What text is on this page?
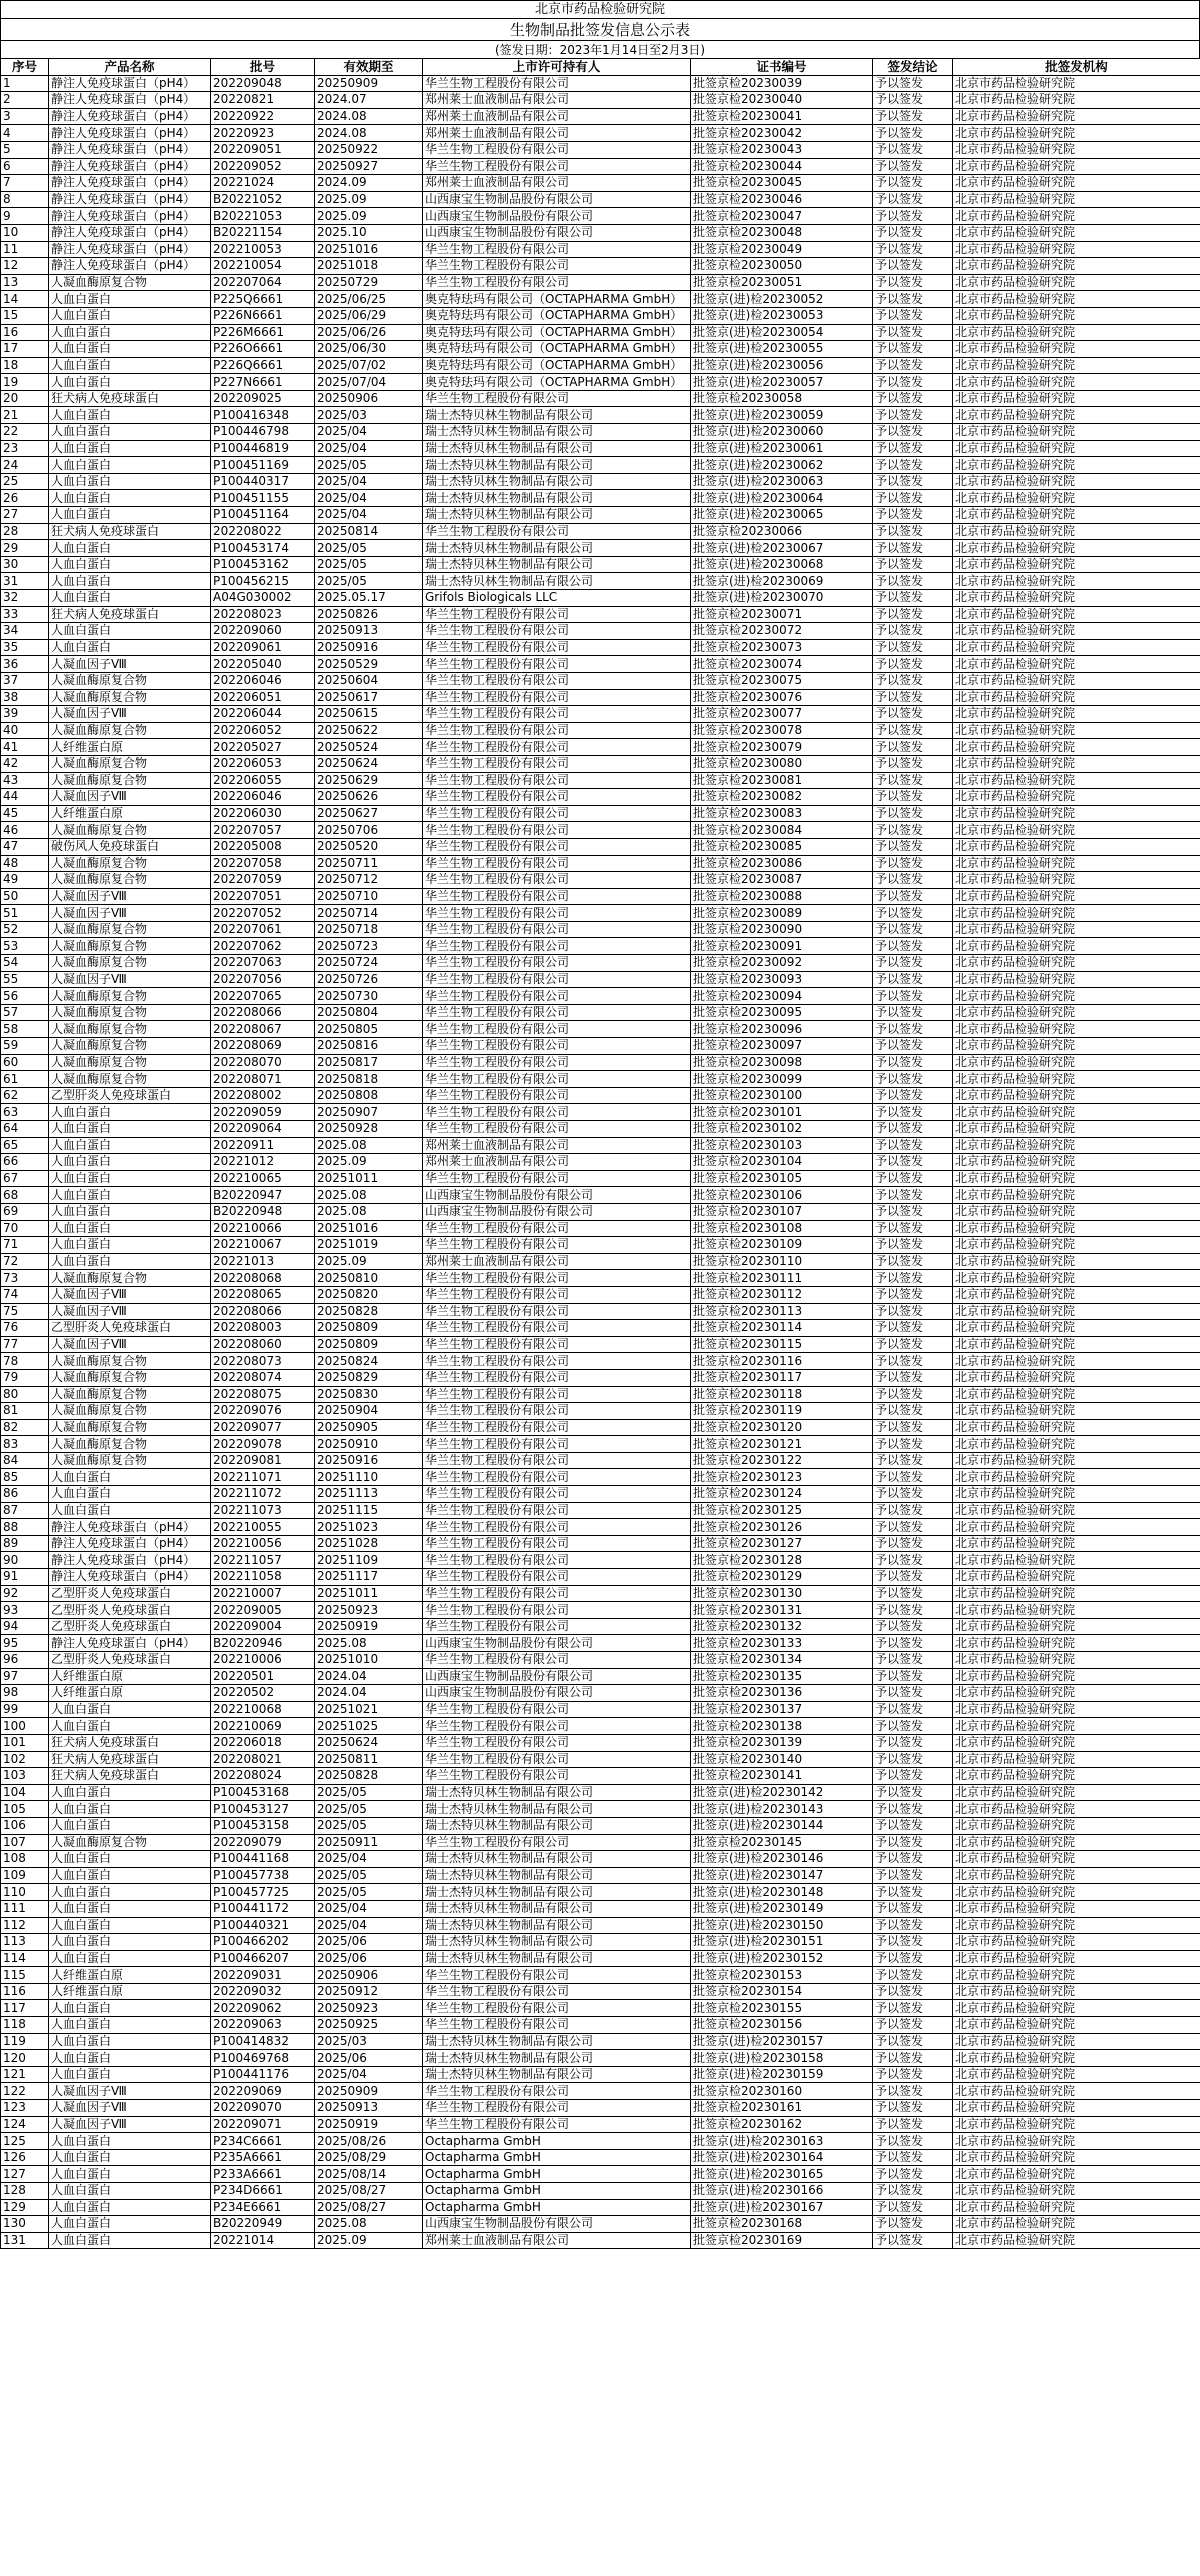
北京市药品检验研究院
生物制品批签发信息公示表
(签发日期：2023年1月14日至2月3日)
序号	产品名称	批号	有效期至	上市许可持有人	证书编号	签发结论	批签发机构
1	静注人免疫球蛋白（pH4）	202209048	20250909	华兰生物工程股份有限公司	批签京检20230039	予以签发	北京市药品检验研究院
2	静注人免疫球蛋白（pH4）	20220821	2024.07	郑州莱士血液制品有限公司	批签京检20230040	予以签发	北京市药品检验研究院
3	静注人免疫球蛋白（pH4）	20220922	2024.08	郑州莱士血液制品有限公司	批签京检20230041	予以签发	北京市药品检验研究院
4	静注人免疫球蛋白（pH4）	20220923	2024.08	郑州莱士血液制品有限公司	批签京检20230042	予以签发	北京市药品检验研究院
5	静注人免疫球蛋白（pH4）	202209051	20250922	华兰生物工程股份有限公司	批签京检20230043	予以签发	北京市药品检验研究院
6	静注人免疫球蛋白（pH4）	202209052	20250927	华兰生物工程股份有限公司	批签京检20230044	予以签发	北京市药品检验研究院
7	静注人免疫球蛋白（pH4）	20221024	2024.09	郑州莱士血液制品有限公司	批签京检20230045	予以签发	北京市药品检验研究院
8	静注人免疫球蛋白（pH4）	B20221052	2025.09	山西康宝生物制品股份有限公司	批签京检20230046	予以签发	北京市药品检验研究院
9	静注人免疫球蛋白（pH4）	B20221053	2025.09	山西康宝生物制品股份有限公司	批签京检20230047	予以签发	北京市药品检验研究院
10	静注人免疫球蛋白（pH4）	B20221154	2025.10	山西康宝生物制品股份有限公司	批签京检20230048	予以签发	北京市药品检验研究院
11	静注人免疫球蛋白（pH4）	202210053	20251016	华兰生物工程股份有限公司	批签京检20230049	予以签发	北京市药品检验研究院
12	静注人免疫球蛋白（pH4）	202210054	20251018	华兰生物工程股份有限公司	批签京检20230050	予以签发	北京市药品检验研究院
13	人凝血酶原复合物	202207064	20250729	华兰生物工程股份有限公司	批签京检20230051	予以签发	北京市药品检验研究院
14	人血白蛋白	P225Q6661	2025/06/25	奥克特珐玛有限公司（OCTAPHARMA GmbH）	批签京(进)检20230052	予以签发	北京市药品检验研究院
15	人血白蛋白	P226N6661	2025/06/29	奥克特珐玛有限公司（OCTAPHARMA GmbH）	批签京(进)检20230053	予以签发	北京市药品检验研究院
16	人血白蛋白	P226M6661	2025/06/26	奥克特珐玛有限公司（OCTAPHARMA GmbH）	批签京(进)检20230054	予以签发	北京市药品检验研究院
17	人血白蛋白	P226O6661	2025/06/30	奥克特珐玛有限公司（OCTAPHARMA GmbH）	批签京(进)检20230055	予以签发	北京市药品检验研究院
18	人血白蛋白	P226Q6661	2025/07/02	奥克特珐玛有限公司（OCTAPHARMA GmbH）	批签京(进)检20230056	予以签发	北京市药品检验研究院
19	人血白蛋白	P227N6661	2025/07/04	奥克特珐玛有限公司（OCTAPHARMA GmbH）	批签京(进)检20230057	予以签发	北京市药品检验研究院
20	狂犬病人免疫球蛋白	202209025	20250906	华兰生物工程股份有限公司	批签京检20230058	予以签发	北京市药品检验研究院
21	人血白蛋白	P100416348	2025/03	瑞士杰特贝林生物制品有限公司	批签京(进)检20230059	予以签发	北京市药品检验研究院
22	人血白蛋白	P100446798	2025/04	瑞士杰特贝林生物制品有限公司	批签京(进)检20230060	予以签发	北京市药品检验研究院
23	人血白蛋白	P100446819	2025/04	瑞士杰特贝林生物制品有限公司	批签京(进)检20230061	予以签发	北京市药品检验研究院
24	人血白蛋白	P100451169	2025/05	瑞士杰特贝林生物制品有限公司	批签京(进)检20230062	予以签发	北京市药品检验研究院
25	人血白蛋白	P100440317	2025/04	瑞士杰特贝林生物制品有限公司	批签京(进)检20230063	予以签发	北京市药品检验研究院
26	人血白蛋白	P100451155	2025/04	瑞士杰特贝林生物制品有限公司	批签京(进)检20230064	予以签发	北京市药品检验研究院
27	人血白蛋白	P100451164	2025/04	瑞士杰特贝林生物制品有限公司	批签京(进)检20230065	予以签发	北京市药品检验研究院
28	狂犬病人免疫球蛋白	202208022	20250814	华兰生物工程股份有限公司	批签京检20230066	予以签发	北京市药品检验研究院
29	人血白蛋白	P100453174	2025/05	瑞士杰特贝林生物制品有限公司	批签京(进)检20230067	予以签发	北京市药品检验研究院
30	人血白蛋白	P100453162	2025/05	瑞士杰特贝林生物制品有限公司	批签京(进)检20230068	予以签发	北京市药品检验研究院
31	人血白蛋白	P100456215	2025/05	瑞士杰特贝林生物制品有限公司	批签京(进)检20230069	予以签发	北京市药品检验研究院
32	人血白蛋白	A04G030002	2025.05.17	Grifols Biologicals LLC	批签京(进)检20230070	予以签发	北京市药品检验研究院
33	狂犬病人免疫球蛋白	202208023	20250826	华兰生物工程股份有限公司	批签京检20230071	予以签发	北京市药品检验研究院
34	人血白蛋白	202209060	20250913	华兰生物工程股份有限公司	批签京检20230072	予以签发	北京市药品检验研究院
35	人血白蛋白	202209061	20250916	华兰生物工程股份有限公司	批签京检20230073	予以签发	北京市药品检验研究院
36	人凝血因子Ⅷ	202205040	20250529	华兰生物工程股份有限公司	批签京检20230074	予以签发	北京市药品检验研究院
37	人凝血酶原复合物	202206046	20250604	华兰生物工程股份有限公司	批签京检20230075	予以签发	北京市药品检验研究院
38	人凝血酶原复合物	202206051	20250617	华兰生物工程股份有限公司	批签京检20230076	予以签发	北京市药品检验研究院
39	人凝血因子Ⅷ	202206044	20250615	华兰生物工程股份有限公司	批签京检20230077	予以签发	北京市药品检验研究院
40	人凝血酶原复合物	202206052	20250622	华兰生物工程股份有限公司	批签京检20230078	予以签发	北京市药品检验研究院
41	人纤维蛋白原	202205027	20250524	华兰生物工程股份有限公司	批签京检20230079	予以签发	北京市药品检验研究院
42	人凝血酶原复合物	202206053	20250624	华兰生物工程股份有限公司	批签京检20230080	予以签发	北京市药品检验研究院
43	人凝血酶原复合物	202206055	20250629	华兰生物工程股份有限公司	批签京检20230081	予以签发	北京市药品检验研究院
44	人凝血因子Ⅷ	202206046	20250626	华兰生物工程股份有限公司	批签京检20230082	予以签发	北京市药品检验研究院
45	人纤维蛋白原	202206030	20250627	华兰生物工程股份有限公司	批签京检20230083	予以签发	北京市药品检验研究院
46	人凝血酶原复合物	202207057	20250706	华兰生物工程股份有限公司	批签京检20230084	予以签发	北京市药品检验研究院
47	破伤风人免疫球蛋白	202205008	20250520	华兰生物工程股份有限公司	批签京检20230085	予以签发	北京市药品检验研究院
48	人凝血酶原复合物	202207058	20250711	华兰生物工程股份有限公司	批签京检20230086	予以签发	北京市药品检验研究院
49	人凝血酶原复合物	202207059	20250712	华兰生物工程股份有限公司	批签京检20230087	予以签发	北京市药品检验研究院
50	人凝血因子Ⅷ	202207051	20250710	华兰生物工程股份有限公司	批签京检20230088	予以签发	北京市药品检验研究院
51	人凝血因子Ⅷ	202207052	20250714	华兰生物工程股份有限公司	批签京检20230089	予以签发	北京市药品检验研究院
52	人凝血酶原复合物	202207061	20250718	华兰生物工程股份有限公司	批签京检20230090	予以签发	北京市药品检验研究院
53	人凝血酶原复合物	202207062	20250723	华兰生物工程股份有限公司	批签京检20230091	予以签发	北京市药品检验研究院
54	人凝血酶原复合物	202207063	20250724	华兰生物工程股份有限公司	批签京检20230092	予以签发	北京市药品检验研究院
55	人凝血因子Ⅷ	202207056	20250726	华兰生物工程股份有限公司	批签京检20230093	予以签发	北京市药品检验研究院
56	人凝血酶原复合物	202207065	20250730	华兰生物工程股份有限公司	批签京检20230094	予以签发	北京市药品检验研究院
57	人凝血酶原复合物	202208066	20250804	华兰生物工程股份有限公司	批签京检20230095	予以签发	北京市药品检验研究院
58	人凝血酶原复合物	202208067	20250805	华兰生物工程股份有限公司	批签京检20230096	予以签发	北京市药品检验研究院
59	人凝血酶原复合物	202208069	20250816	华兰生物工程股份有限公司	批签京检20230097	予以签发	北京市药品检验研究院
60	人凝血酶原复合物	202208070	20250817	华兰生物工程股份有限公司	批签京检20230098	予以签发	北京市药品检验研究院
61	人凝血酶原复合物	202208071	20250818	华兰生物工程股份有限公司	批签京检20230099	予以签发	北京市药品检验研究院
62	乙型肝炎人免疫球蛋白	202208002	20250808	华兰生物工程股份有限公司	批签京检20230100	予以签发	北京市药品检验研究院
63	人血白蛋白	202209059	20250907	华兰生物工程股份有限公司	批签京检20230101	予以签发	北京市药品检验研究院
64	人血白蛋白	202209064	20250928	华兰生物工程股份有限公司	批签京检20230102	予以签发	北京市药品检验研究院
65	人血白蛋白	20220911	2025.08	郑州莱士血液制品有限公司	批签京检20230103	予以签发	北京市药品检验研究院
66	人血白蛋白	20221012	2025.09	郑州莱士血液制品有限公司	批签京检20230104	予以签发	北京市药品检验研究院
67	人血白蛋白	202210065	20251011	华兰生物工程股份有限公司	批签京检20230105	予以签发	北京市药品检验研究院
68	人血白蛋白	B20220947	2025.08	山西康宝生物制品股份有限公司	批签京检20230106	予以签发	北京市药品检验研究院
69	人血白蛋白	B20220948	2025.08	山西康宝生物制品股份有限公司	批签京检20230107	予以签发	北京市药品检验研究院
70	人血白蛋白	202210066	20251016	华兰生物工程股份有限公司	批签京检20230108	予以签发	北京市药品检验研究院
71	人血白蛋白	202210067	20251019	华兰生物工程股份有限公司	批签京检20230109	予以签发	北京市药品检验研究院
72	人血白蛋白	20221013	2025.09	郑州莱士血液制品有限公司	批签京检20230110	予以签发	北京市药品检验研究院
73	人凝血酶原复合物	202208068	20250810	华兰生物工程股份有限公司	批签京检20230111	予以签发	北京市药品检验研究院
74	人凝血因子Ⅷ	202208065	20250820	华兰生物工程股份有限公司	批签京检20230112	予以签发	北京市药品检验研究院
75	人凝血因子Ⅷ	202208066	20250828	华兰生物工程股份有限公司	批签京检20230113	予以签发	北京市药品检验研究院
76	乙型肝炎人免疫球蛋白	202208003	20250809	华兰生物工程股份有限公司	批签京检20230114	予以签发	北京市药品检验研究院
77	人凝血因子Ⅷ	202208060	20250809	华兰生物工程股份有限公司	批签京检20230115	予以签发	北京市药品检验研究院
78	人凝血酶原复合物	202208073	20250824	华兰生物工程股份有限公司	批签京检20230116	予以签发	北京市药品检验研究院
79	人凝血酶原复合物	202208074	20250829	华兰生物工程股份有限公司	批签京检20230117	予以签发	北京市药品检验研究院
80	人凝血酶原复合物	202208075	20250830	华兰生物工程股份有限公司	批签京检20230118	予以签发	北京市药品检验研究院
81	人凝血酶原复合物	202209076	20250904	华兰生物工程股份有限公司	批签京检20230119	予以签发	北京市药品检验研究院
82	人凝血酶原复合物	202209077	20250905	华兰生物工程股份有限公司	批签京检20230120	予以签发	北京市药品检验研究院
83	人凝血酶原复合物	202209078	20250910	华兰生物工程股份有限公司	批签京检20230121	予以签发	北京市药品检验研究院
84	人凝血酶原复合物	202209081	20250916	华兰生物工程股份有限公司	批签京检20230122	予以签发	北京市药品检验研究院
85	人血白蛋白	202211071	20251110	华兰生物工程股份有限公司	批签京检20230123	予以签发	北京市药品检验研究院
86	人血白蛋白	202211072	20251113	华兰生物工程股份有限公司	批签京检20230124	予以签发	北京市药品检验研究院
87	人血白蛋白	202211073	20251115	华兰生物工程股份有限公司	批签京检20230125	予以签发	北京市药品检验研究院
88	静注人免疫球蛋白（pH4）	202210055	20251023	华兰生物工程股份有限公司	批签京检20230126	予以签发	北京市药品检验研究院
89	静注人免疫球蛋白（pH4）	202210056	20251028	华兰生物工程股份有限公司	批签京检20230127	予以签发	北京市药品检验研究院
90	静注人免疫球蛋白（pH4）	202211057	20251109	华兰生物工程股份有限公司	批签京检20230128	予以签发	北京市药品检验研究院
91	静注人免疫球蛋白（pH4）	202211058	20251117	华兰生物工程股份有限公司	批签京检20230129	予以签发	北京市药品检验研究院
92	乙型肝炎人免疫球蛋白	202210007	20251011	华兰生物工程股份有限公司	批签京检20230130	予以签发	北京市药品检验研究院
93	乙型肝炎人免疫球蛋白	202209005	20250923	华兰生物工程股份有限公司	批签京检20230131	予以签发	北京市药品检验研究院
94	乙型肝炎人免疫球蛋白	202209004	20250919	华兰生物工程股份有限公司	批签京检20230132	予以签发	北京市药品检验研究院
95	静注人免疫球蛋白（pH4）	B20220946	2025.08	山西康宝生物制品股份有限公司	批签京检20230133	予以签发	北京市药品检验研究院
96	乙型肝炎人免疫球蛋白	202210006	20251010	华兰生物工程股份有限公司	批签京检20230134	予以签发	北京市药品检验研究院
97	人纤维蛋白原	20220501	2024.04	山西康宝生物制品股份有限公司	批签京检20230135	予以签发	北京市药品检验研究院
98	人纤维蛋白原	20220502	2024.04	山西康宝生物制品股份有限公司	批签京检20230136	予以签发	北京市药品检验研究院
99	人血白蛋白	202210068	20251021	华兰生物工程股份有限公司	批签京检20230137	予以签发	北京市药品检验研究院
100	人血白蛋白	202210069	20251025	华兰生物工程股份有限公司	批签京检20230138	予以签发	北京市药品检验研究院
101	狂犬病人免疫球蛋白	202206018	20250624	华兰生物工程股份有限公司	批签京检20230139	予以签发	北京市药品检验研究院
102	狂犬病人免疫球蛋白	202208021	20250811	华兰生物工程股份有限公司	批签京检20230140	予以签发	北京市药品检验研究院
103	狂犬病人免疫球蛋白	202208024	20250828	华兰生物工程股份有限公司	批签京检20230141	予以签发	北京市药品检验研究院
104	人血白蛋白	P100453168	2025/05	瑞士杰特贝林生物制品有限公司	批签京(进)检20230142	予以签发	北京市药品检验研究院
105	人血白蛋白	P100453127	2025/05	瑞士杰特贝林生物制品有限公司	批签京(进)检20230143	予以签发	北京市药品检验研究院
106	人血白蛋白	P100453158	2025/05	瑞士杰特贝林生物制品有限公司	批签京(进)检20230144	予以签发	北京市药品检验研究院
107	人凝血酶原复合物	202209079	20250911	华兰生物工程股份有限公司	批签京检20230145	予以签发	北京市药品检验研究院
108	人血白蛋白	P100441168	2025/04	瑞士杰特贝林生物制品有限公司	批签京(进)检20230146	予以签发	北京市药品检验研究院
109	人血白蛋白	P100457738	2025/05	瑞士杰特贝林生物制品有限公司	批签京(进)检20230147	予以签发	北京市药品检验研究院
110	人血白蛋白	P100457725	2025/05	瑞士杰特贝林生物制品有限公司	批签京(进)检20230148	予以签发	北京市药品检验研究院
111	人血白蛋白	P100441172	2025/04	瑞士杰特贝林生物制品有限公司	批签京(进)检20230149	予以签发	北京市药品检验研究院
112	人血白蛋白	P100440321	2025/04	瑞士杰特贝林生物制品有限公司	批签京(进)检20230150	予以签发	北京市药品检验研究院
113	人血白蛋白	P100466202	2025/06	瑞士杰特贝林生物制品有限公司	批签京(进)检20230151	予以签发	北京市药品检验研究院
114	人血白蛋白	P100466207	2025/06	瑞士杰特贝林生物制品有限公司	批签京(进)检20230152	予以签发	北京市药品检验研究院
115	人纤维蛋白原	202209031	20250906	华兰生物工程股份有限公司	批签京检20230153	予以签发	北京市药品检验研究院
116	人纤维蛋白原	202209032	20250912	华兰生物工程股份有限公司	批签京检20230154	予以签发	北京市药品检验研究院
117	人血白蛋白	202209062	20250923	华兰生物工程股份有限公司	批签京检20230155	予以签发	北京市药品检验研究院
118	人血白蛋白	202209063	20250925	华兰生物工程股份有限公司	批签京检20230156	予以签发	北京市药品检验研究院
119	人血白蛋白	P100414832	2025/03	瑞士杰特贝林生物制品有限公司	批签京(进)检20230157	予以签发	北京市药品检验研究院
120	人血白蛋白	P100469768	2025/06	瑞士杰特贝林生物制品有限公司	批签京(进)检20230158	予以签发	北京市药品检验研究院
121	人血白蛋白	P100441176	2025/04	瑞士杰特贝林生物制品有限公司	批签京(进)检20230159	予以签发	北京市药品检验研究院
122	人凝血因子Ⅷ	202209069	20250909	华兰生物工程股份有限公司	批签京检20230160	予以签发	北京市药品检验研究院
123	人凝血因子Ⅷ	202209070	20250913	华兰生物工程股份有限公司	批签京检20230161	予以签发	北京市药品检验研究院
124	人凝血因子Ⅷ	202209071	20250919	华兰生物工程股份有限公司	批签京检20230162	予以签发	北京市药品检验研究院
125	人血白蛋白	P234C6661	2025/08/26	Octapharma GmbH	批签京(进)检20230163	予以签发	北京市药品检验研究院
126	人血白蛋白	P235A6661	2025/08/29	Octapharma GmbH	批签京(进)检20230164	予以签发	北京市药品检验研究院
127	人血白蛋白	P233A6661	2025/08/14	Octapharma GmbH	批签京(进)检20230165	予以签发	北京市药品检验研究院
128	人血白蛋白	P234D6661	2025/08/27	Octapharma GmbH	批签京(进)检20230166	予以签发	北京市药品检验研究院
129	人血白蛋白	P234E6661	2025/08/27	Octapharma GmbH	批签京(进)检20230167	予以签发	北京市药品检验研究院
130	人血白蛋白	B20220949	2025.08	山西康宝生物制品股份有限公司	批签京检20230168	予以签发	北京市药品检验研究院
131	人血白蛋白	20221014	2025.09	郑州莱士血液制品有限公司	批签京检20230169	予以签发	北京市药品检验研究院
